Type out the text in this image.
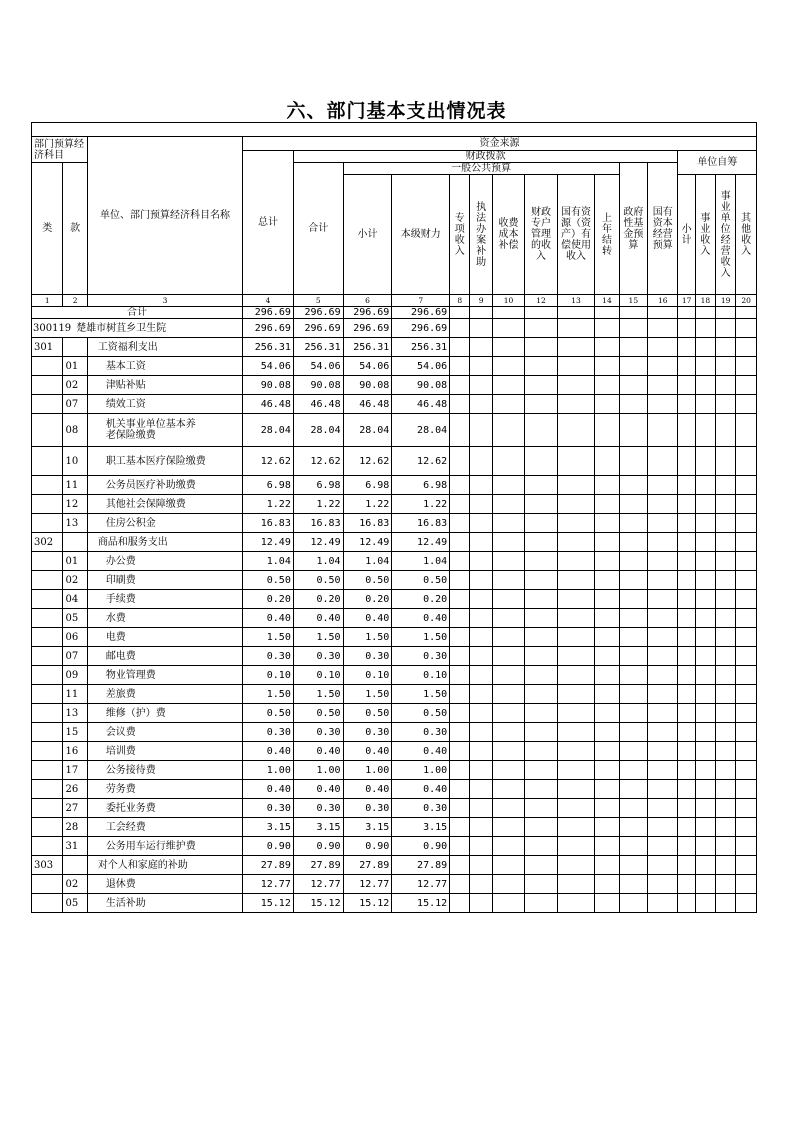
六、部门基本支出情况表

部门预算经济科目		单位、部门预算经济科目名称	资金来源															
			总计	财政拨款											单位自筹			
类	款			合计	一般公共预算								政府性基金预算	国有资本经营预算				
					小计	本级财力	专项收入	执法办案补助	收费成本补偿	财政专户管理的收入	国有资源（资产）有偿使用收入	上年结转			小计	事业收入	事业单位经营收入	其他收入
1	2	3	4	5	6	7	8	9	10	12	13	14	15	16	17	18	19	20
合计			296.69	296.69	296.69	296.69												
300119 楚雄市树苴乡卫生院			296.69	296.69	296.69	296.69												
301		工资福利支出	256.31	256.31	256.31	256.31												
	01	基本工资	54.06	54.06	54.06	54.06												
	02	津贴补贴	90.08	90.08	90.08	90.08												
	07	绩效工资	46.48	46.48	46.48	46.48												
	08	机关事业单位基本养老保险缴费	28.04	28.04	28.04	28.04												
	10	职工基本医疗保险缴费	12.62	12.62	12.62	12.62												
	11	公务员医疗补助缴费	6.98	6.98	6.98	6.98												
	12	其他社会保障缴费	1.22	1.22	1.22	1.22												
	13	住房公积金	16.83	16.83	16.83	16.83												
302		商品和服务支出	12.49	12.49	12.49	12.49												
	01	办公费	1.04	1.04	1.04	1.04												
	02	印刷费	0.50	0.50	0.50	0.50												
	04	手续费	0.20	0.20	0.20	0.20												
	05	水费	0.40	0.40	0.40	0.40												
	06	电费	1.50	1.50	1.50	1.50												
	07	邮电费	0.30	0.30	0.30	0.30												
	09	物业管理费	0.10	0.10	0.10	0.10												
	11	差旅费	1.50	1.50	1.50	1.50												
	13	维修（护）费	0.50	0.50	0.50	0.50												
	15	会议费	0.30	0.30	0.30	0.30												
	16	培训费	0.40	0.40	0.40	0.40												
	17	公务接待费	1.00	1.00	1.00	1.00												
	26	劳务费	0.40	0.40	0.40	0.40												
	27	委托业务费	0.30	0.30	0.30	0.30												
	28	工会经费	3.15	3.15	3.15	3.15												
	31	公务用车运行维护费	0.90	0.90	0.90	0.90												
303		对个人和家庭的补助	27.89	27.89	27.89	27.89												
	02	退休费	12.77	12.77	12.77	12.77												
	05	生活补助	15.12	15.12	15.12	15.12												
